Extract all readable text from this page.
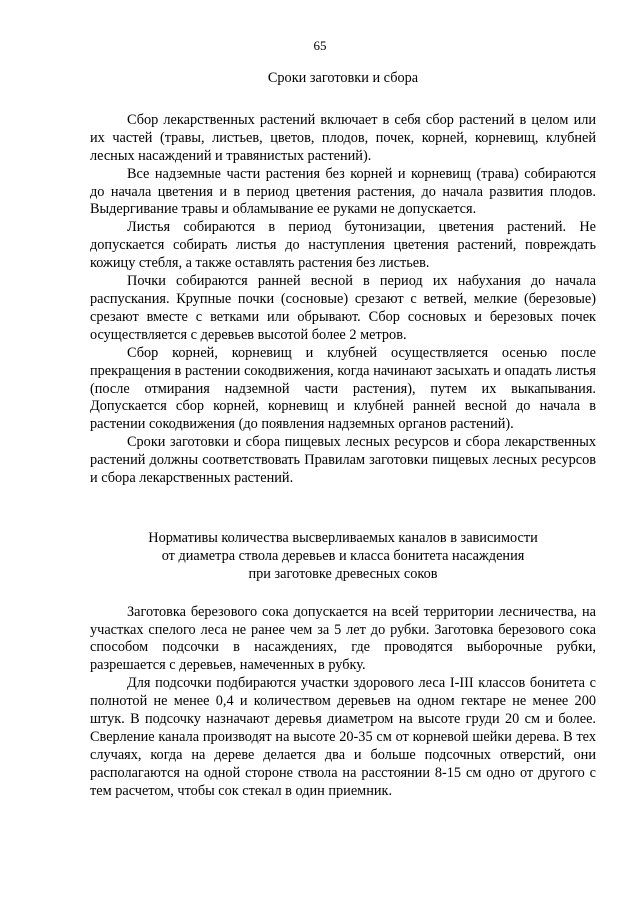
65

Сроки заготовки и сбора

Сбор лекарственных растений включает в себя сбор растений в целом или их частей (травы, листьев, цветов, плодов, почек, корней, корневищ, клубней лесных насаждений и травянистых растений).

Все надземные части растения без корней и корневищ (трава) собираются до начала цветения и в период цветения растения, до начала развития плодов. Выдергивание травы и обламывание ее руками не допускается.

Листья собираются в период бутонизации, цветения растений. Не допускается собирать листья до наступления цветения растений, повреждать кожицу стебля, а также оставлять растения без листьев.

Почки собираются ранней весной в период их набухания до начала распускания. Крупные почки (сосновые) срезают с ветвей, мелкие (березовые) срезают вместе с ветками или обрывают. Сбор сосновых и березовых почек осуществляется с деревьев высотой более 2 метров.

Сбор корней, корневищ и клубней осуществляется осенью после прекращения в растении сокодвижения, когда начинают засыхать и опадать листья (после отмирания надземной части растения), путем их выкапывания. Допускается сбор корней, корневищ и клубней ранней весной до начала в растении сокодвижения (до появления надземных органов растений).

Сроки заготовки и сбора пищевых лесных ресурсов и сбора лекарственных растений должны соответствовать Правилам заготовки пищевых лесных ресурсов и сбора лекарственных растений.

Нормативы количества высверливаемых каналов в зависимости
от диаметра ствола деревьев и класса бонитета насаждения
при заготовке древесных соков

Заготовка березового сока допускается на всей территории лесничества, на участках спелого леса не ранее чем за 5 лет до рубки. Заготовка березового сока способом подсочки в насаждениях, где проводятся выборочные рубки, разрешается с деревьев, намеченных в рубку.

Для подсочки подбираются участки здорового леса I-III классов бонитета с полнотой не менее 0,4 и количеством деревьев на одном гектаре не менее 200 штук. В подсочку назначают деревья диаметром на высоте груди 20 см и более. Сверление канала производят на высоте 20-35 см от корневой шейки дерева. В тех случаях, когда на дереве делается два и больше подсочных отверстий, они располагаются на одной стороне ствола на расстоянии 8-15 см одно от другого с тем расчетом, чтобы сок стекал в один приемник.
